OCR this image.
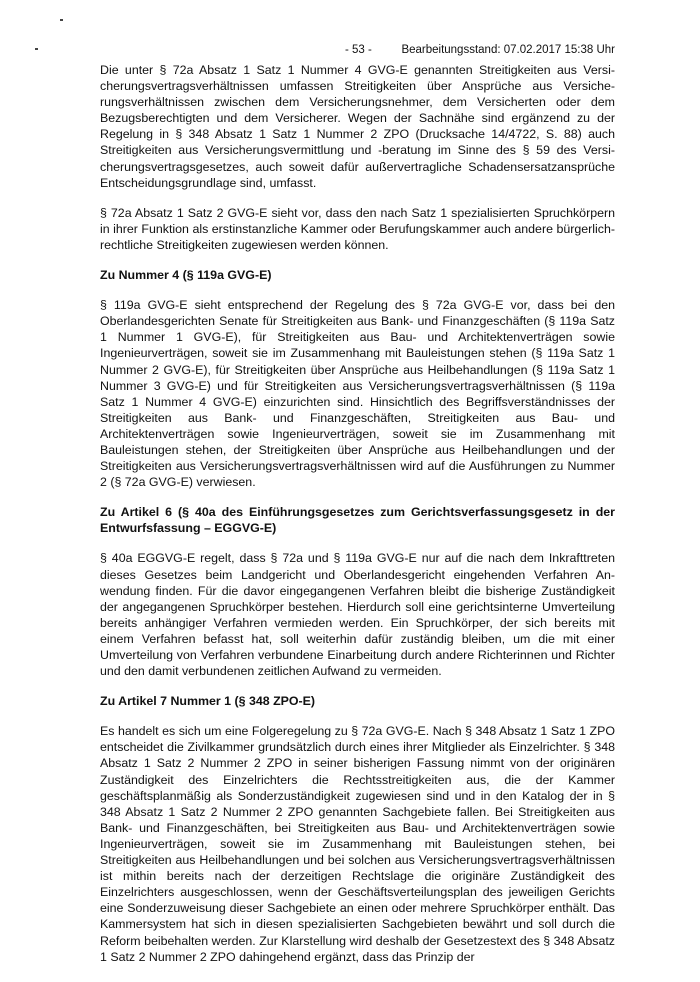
- 53 -	Bearbeitungsstand: 07.02.2017 15:38 Uhr

Die unter § 72a Absatz 1 Satz 1 Nummer 4 GVG-E genannten Streitigkeiten aus Versicherungsvertragsverhältnissen umfassen Streitigkeiten über Ansprüche aus Versicherungsverhältnissen zwischen dem Versicherungsnehmer, dem Versicherten oder dem Bezugsberechtigten und dem Versicherer. Wegen der Sachnähe sind ergänzend zu der Regelung in § 348 Absatz 1 Satz 1 Nummer 2 ZPO (Drucksache 14/4722, S. 88) auch Streitigkeiten aus Versicherungsvermittlung und -beratung im Sinne des § 59 des Versicherungsvertragsgesetzes, auch soweit dafür außervertragliche Schadensersatzansprüche Entscheidungsgrundlage sind, umfasst.

§ 72a Absatz 1 Satz 2 GVG-E sieht vor, dass den nach Satz 1 spezialisierten Spruchkörpern in ihrer Funktion als erstinstanzliche Kammer oder Berufungskammer auch andere bürgerlich-rechtliche Streitigkeiten zugewiesen werden können.

Zu Nummer 4 (§ 119a GVG-E)

§ 119a GVG-E sieht entsprechend der Regelung des § 72a GVG-E vor, dass bei den Oberlandesgerichten Senate für Streitigkeiten aus Bank- und Finanzgeschäften (§ 119a Satz 1 Nummer 1 GVG-E), für Streitigkeiten aus Bau- und Architektenverträgen sowie Ingenieurverträgen, soweit sie im Zusammenhang mit Bauleistungen stehen (§ 119a Satz 1 Nummer 2 GVG-E), für Streitigkeiten über Ansprüche aus Heilbehandlungen (§ 119a Satz 1 Nummer 3 GVG-E) und für Streitigkeiten aus Versicherungsvertragsverhältnissen (§ 119a Satz 1 Nummer 4 GVG-E) einzurichten sind. Hinsichtlich des Begriffsverständnisses der Streitigkeiten aus Bank- und Finanzgeschäften, Streitigkeiten aus Bau- und Architektenverträgen sowie Ingenieurverträgen, soweit sie im Zusammenhang mit Bauleistungen stehen, der Streitigkeiten über Ansprüche aus Heilbehandlungen und der Streitigkeiten aus Versicherungsvertragsverhältnissen wird auf die Ausführungen zu Nummer 2 (§ 72a GVG-E) verwiesen.

Zu Artikel 6 (§ 40a des Einführungsgesetzes zum Gerichtsverfassungsgesetz in der Entwurfsfassung – EGGVG-E)

§ 40a EGGVG-E regelt, dass § 72a und § 119a GVG-E nur auf die nach dem Inkrafttreten dieses Gesetzes beim Landgericht und Oberlandesgericht eingehenden Verfahren Anwendung finden. Für die davor eingegangenen Verfahren bleibt die bisherige Zuständigkeit der angegangenen Spruchkörper bestehen. Hierdurch soll eine gerichtsinterne Umverteilung bereits anhängiger Verfahren vermieden werden. Ein Spruchkörper, der sich bereits mit einem Verfahren befasst hat, soll weiterhin dafür zuständig bleiben, um die mit einer Umverteilung von Verfahren verbundene Einarbeitung durch andere Richterinnen und Richter und den damit verbundenen zeitlichen Aufwand zu vermeiden.

Zu Artikel 7 Nummer 1 (§ 348 ZPO-E)

Es handelt es sich um eine Folgeregelung zu § 72a GVG-E. Nach § 348 Absatz 1 Satz 1 ZPO entscheidet die Zivilkammer grundsätzlich durch eines ihrer Mitglieder als Einzelrichter. § 348 Absatz 1 Satz 2 Nummer 2 ZPO in seiner bisherigen Fassung nimmt von der originären Zuständigkeit des Einzelrichters die Rechtsstreitigkeiten aus, die der Kammer geschäftsplanmäßig als Sonderzuständigkeit zugewiesen sind und in den Katalog der in § 348 Absatz 1 Satz 2 Nummer 2 ZPO genannten Sachgebiete fallen. Bei Streitigkeiten aus Bank- und Finanzgeschäften, bei Streitigkeiten aus Bau- und Architektenverträgen sowie Ingenieurverträgen, soweit sie im Zusammenhang mit Bauleistungen stehen, bei Streitigkeiten aus Heilbehandlungen und bei solchen aus Versicherungsvertragsverhältnissen ist mithin bereits nach der derzeitigen Rechtslage die originäre Zuständigkeit des Einzelrichters ausgeschlossen, wenn der Geschäftsverteilungsplan des jeweiligen Gerichts eine Sonderzuweisung dieser Sachgebiete an einen oder mehrere Spruchkörper enthält. Das Kammersystem hat sich in diesen spezialisierten Sachgebieten bewährt und soll durch die Reform beibehalten werden. Zur Klarstellung wird deshalb der Gesetzestext des § 348 Absatz 1 Satz 2 Nummer 2 ZPO dahingehend ergänzt, dass das Prinzip der
